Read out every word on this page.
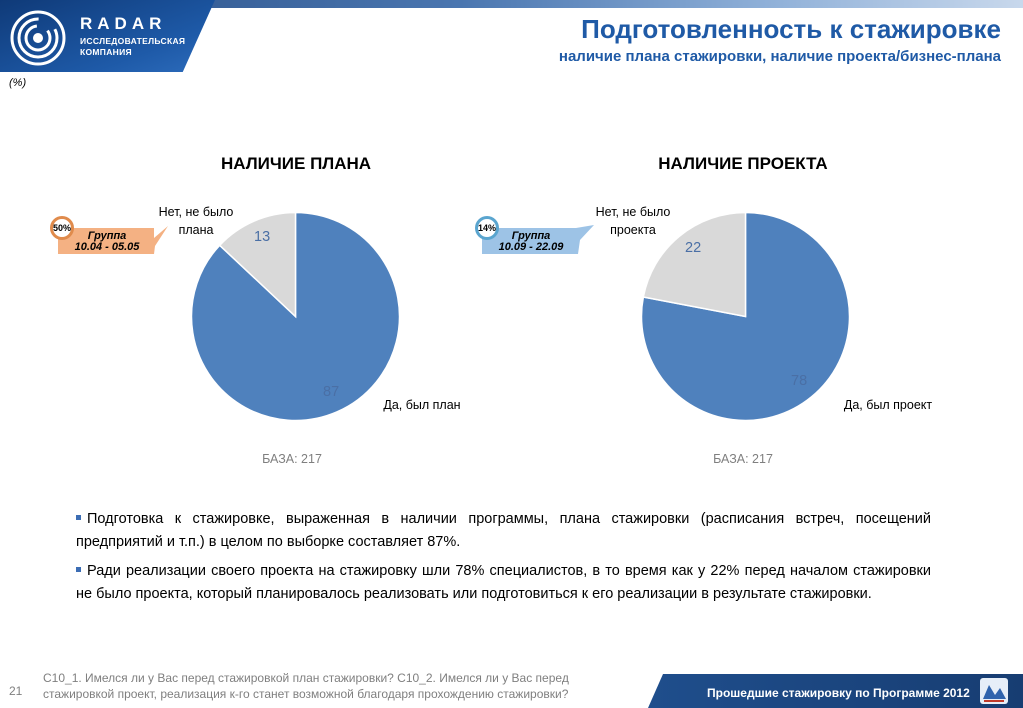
RADAR
ИССЛЕДОВАТЕЛЬСКАЯ
КОМПАНИЯ
Подготовленность к стажировке
наличие плана стажировки, наличие проекта/бизнес-плана
(%)
НАЛИЧИЕ ПЛАНА
13
87
Нет, не было
плана
Да, был план
БАЗА: 217
Группа
10.04 - 05.05
50%
НАЛИЧИЕ ПРОЕКТА
22
78
Нет, не было
проекта
Да, был проект
БАЗА: 217
Группа
10.09 - 22.09
14%

Подготовка к стажировке, выраженная в наличии программы, плана стажировки (расписания встреч, посещений предприятий и т.п.) в целом по выборке составляет 87%.

Ради реализации своего проекта на стажировку шли 78% специалистов, в то время как у 22% перед началом стажировки не было проекта, который планировалось реализовать или подготовиться к его реализации в результате стажировки.

21
С10_1. Имелся ли у Вас перед стажировкой план стажировки? С10_2. Имелся ли у Вас перед
стажировкой проект, реализация к-го станет возможной благодаря прохождению стажировки?	Прошедшие стажировку по Программе 2012
